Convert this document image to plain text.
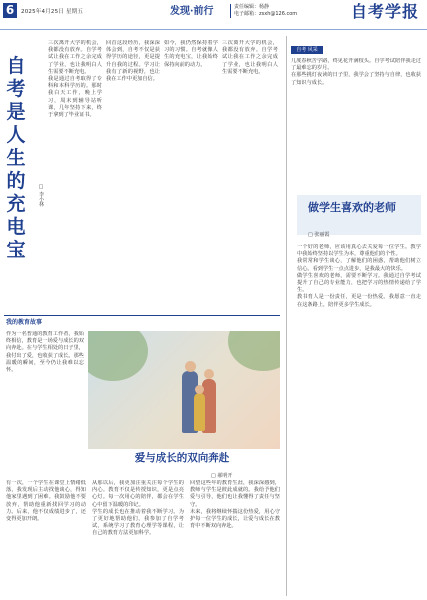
6	2025年4月25日 星期五	发现·前行	责任编辑：杨静
电子邮箱：zsxh@126.com	自考学报
自考是人生的充电宝
□ 李小林

三次离开大学的机会，我都没有放弃。自学考试让我在工作之余完成了学业，也让我明白人生需要不断充电。

我是通过自考取得了专科和本科学历的。那时我白天工作，晚上学习，周末到辅导站听课，几年坚持下来，终于拿到了毕业证书。

回首这段经历，我深深体会到，自考不仅是获得学历的途径，更是提升自我的过程。学习让我有了新的视野，也让我在工作中更加自信。

如今，我仍然保持着学习的习惯。自考就像人生的充电宝，让我始终保持向前的动力。

三次离开大学的机会，我都没有放弃。自学考试让我在工作之余完成了学业，也让我明白人生需要不断充电。

自考 风采

几度春秋苦学路，终见花开满枝头。自学考试陪伴我走过了最难忘的岁月。

在那些挑灯夜读的日子里，我学会了坚持与自律，也收获了知识与成长。

做学生喜欢的老师
□ 张丽霞

一个好的老师，应该用真心去关爱每一位学生。教学中我始终坚持以学生为本，尊重他们的个性。

我常常和学生谈心，了解他们的困惑，帮助他们树立信心。看到学生一点点进步，是我最大的快乐。

做学生喜欢的老师，需要不断学习。我通过自学考试提升了自己的专业能力，也把学习的热情传递给了学生。

教书育人是一份责任，更是一份热爱。我愿意一直走在这条路上，陪伴更多学生成长。

我的教育故事

作为一名普通的教育工作者，我始终相信，教育是一场爱与成长的双向奔赴。在与学生相处的日子里，我付出了爱，也收获了成长。那些温暖的瞬间，至今仍让我难以忘怀。

爱与成长的双向奔赴
□ 郝明开

有一次，一个学生在课堂上情绪低落，我发现后主动找他谈心，得知他家里遇到了困难。我鼓励他不要放弃，帮助他重新找回学习的动力。后来，他不仅成绩进步了，还变得更加开朗。

从那以后，我更加注重关注每个学生的内心。教育不仅是传授知识，更是点亮心灯。每一次用心的陪伴，都会在学生心中留下温暖的印记。

学生的成长也在推动着我不断学习。为了更好地帮助他们，我参加了自学考试，系统学习了教育心理学等课程，让自己的教育方法更加科学。

回望这些年的教育生涯，我深深感到，教师与学生是彼此成就的。我给予他们爱与引导，他们也让我懂得了责任与坚守。

未来，我将继续怀揣这份热爱，用心守护每一位学生的成长，让爱与成长在教育中不断双向奔赴。
